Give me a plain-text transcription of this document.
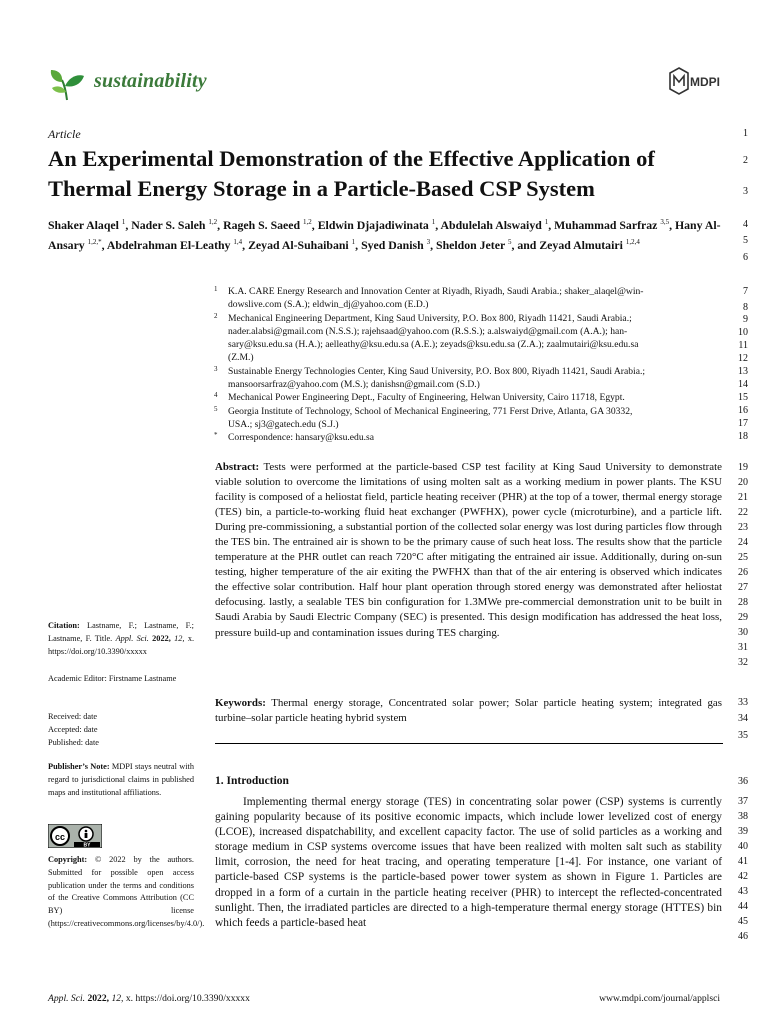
sustainability	MDPI
Article
An Experimental Demonstration of the Effective Application of
Thermal Energy Storage in a Particle-Based CSP System
Shaker Alaqel $^1$, Nader S. Saleh $^{1,2}$, Rageh S. Saeed $^{1,2}$, Eldwin Djajadiwinata $^1$, Abdulelah Alswaiyd $^1$, Muhammad Sarfraz $^{3,5}$, Hany Al-Ansary $^{1,2,*}$, Abdelrahman El-Leathy $^{1,4}$, Zeyad Al-Suhaibani $^1$, Syed Danish $^3$, Sheldon Jeter $^5$, and Zeyad Almutairi $^{1,2,4}$
1 K.A. CARE Energy Research and Innovation Center at Riyadh, Riyadh, Saudi Arabia.; shaker_alaqel@win-
dowslive.com (S.A.); eldwin_dj@yahoo.com (E.D.)
2 Mechanical Engineering Department, King Saud University, P.O. Box 800, Riyadh 11421, Saudi Arabia.;
nader.alabsi@gmail.com (N.S.S.); rajehsaad@yahoo.com (R.S.S.); a.alswaiyd@gmail.com (A.A.); han-
sary@ksu.edu.sa (H.A.); aelleathy@ksu.edu.sa (A.E.); zeyads@ksu.edu.sa (Z.A.); zaalmutairi@ksu.edu.sa
(Z.M.)
3 Sustainable Energy Technologies Center, King Saud University, P.O. Box 800, Riyadh 11421, Saudi Arabia.;
mansoorsarfraz@yahoo.com (M.S.); danishsn@gmail.com (S.D.)
4 Mechanical Power Engineering Dept., Faculty of Engineering, Helwan University, Cairo 11718, Egypt.
5 Georgia Institute of Technology, School of Mechanical Engineering, 771 Ferst Drive, Atlanta, GA 30332,
USA.; sj3@gatech.edu (S.J.)
* Correspondence: hansary@ksu.edu.sa
Citation: Lastname, F.; Lastname, F.; Lastname, F. Title. Appl. Sci. 2022, 12, x. https://doi.org/10.3390/xxxxx
Academic Editor: Firstname Lastname
Received: date
Accepted: date
Published: date
Publisher’s Note: MDPI stays neutral with regard to jurisdictional claims in published maps and institutional affiliations.
cc
BY
Copyright: © 2022 by the authors. Submitted for possible open access publication under the terms and conditions of the Creative Commons Attribution (CC BY) license (https://creativecommons.org/licenses/by/4.0/).
Abstract: Tests were performed at the particle-based CSP test facility at King Saud University to demonstrate viable solution to overcome the limitations of using molten salt as a working medium in power plants. The KSU facility is composed of a heliostat field, particle heating receiver (PHR) at the top of a tower, thermal energy storage (TES) bin, a particle-to-working fluid heat exchanger (PWFHX), power cycle (microturbine), and a particle lift. During pre-commissioning, a substantial portion of the collected solar energy was lost during particles flow through the TES bin. The entrained air is shown to be the primary cause of such heat loss. The results show that the particle temperature at the PHR outlet can reach 720°C after mitigating the entrained air issue. Additionally, during on-sun testing, higher temperature of the air exiting the PWFHX than that of the air entering is observed which indicates the effective solar contribution. Half hour plant operation through stored energy was demonstrated after heliostat defocusing. lastly, a sealable TES bin configuration for 1.3MWe pre-commercial demonstration unit to be built in Saudi Arabia by Saudi Electric Company (SEC) is presented. This design modification has addressed the heat loss, pressure build-up and contamination issues during TES charging.
Keywords: Thermal energy storage, Concentrated solar power; Solar particle heating system; integrated gas turbine–solar particle heating hybrid system
1. Introduction

Implementing thermal energy storage (TES) in concentrating solar power (CSP) systems is currently gaining popularity because of its positive economic impacts, which include lower levelized cost of energy (LCOE), increased dispatchability, and excellent capacity factor. The use of solid particles as a working and storage medium in CSP systems overcome issues that have been realized with molten salt such as stability limit, corrosion, the need for heat tracing, and operating temperature [1-4]. For instance, one variant of particle-based CSP systems is the particle-based power tower system as shown in Figure 1. Particles are dropped in a form of a curtain in the particle heating receiver (PHR) to intercept the reflected-concentrated sunlight. Then, the irradiated particles are directed to a high-temperature thermal energy storage (HTTES) bin which feeds a particle-based heat

1
2
3
4
5
6
7
8
9
10
11
12
13
14
15
16
17
18
19
20
21
22
23
24
25
26
27
28
29
30
31
32
33
34
35
36
37
38
39
40
41
42
43
44
45
46
Appl. Sci. 2022, 12, x. https://doi.org/10.3390/xxxxx	www.mdpi.com/journal/applsci
